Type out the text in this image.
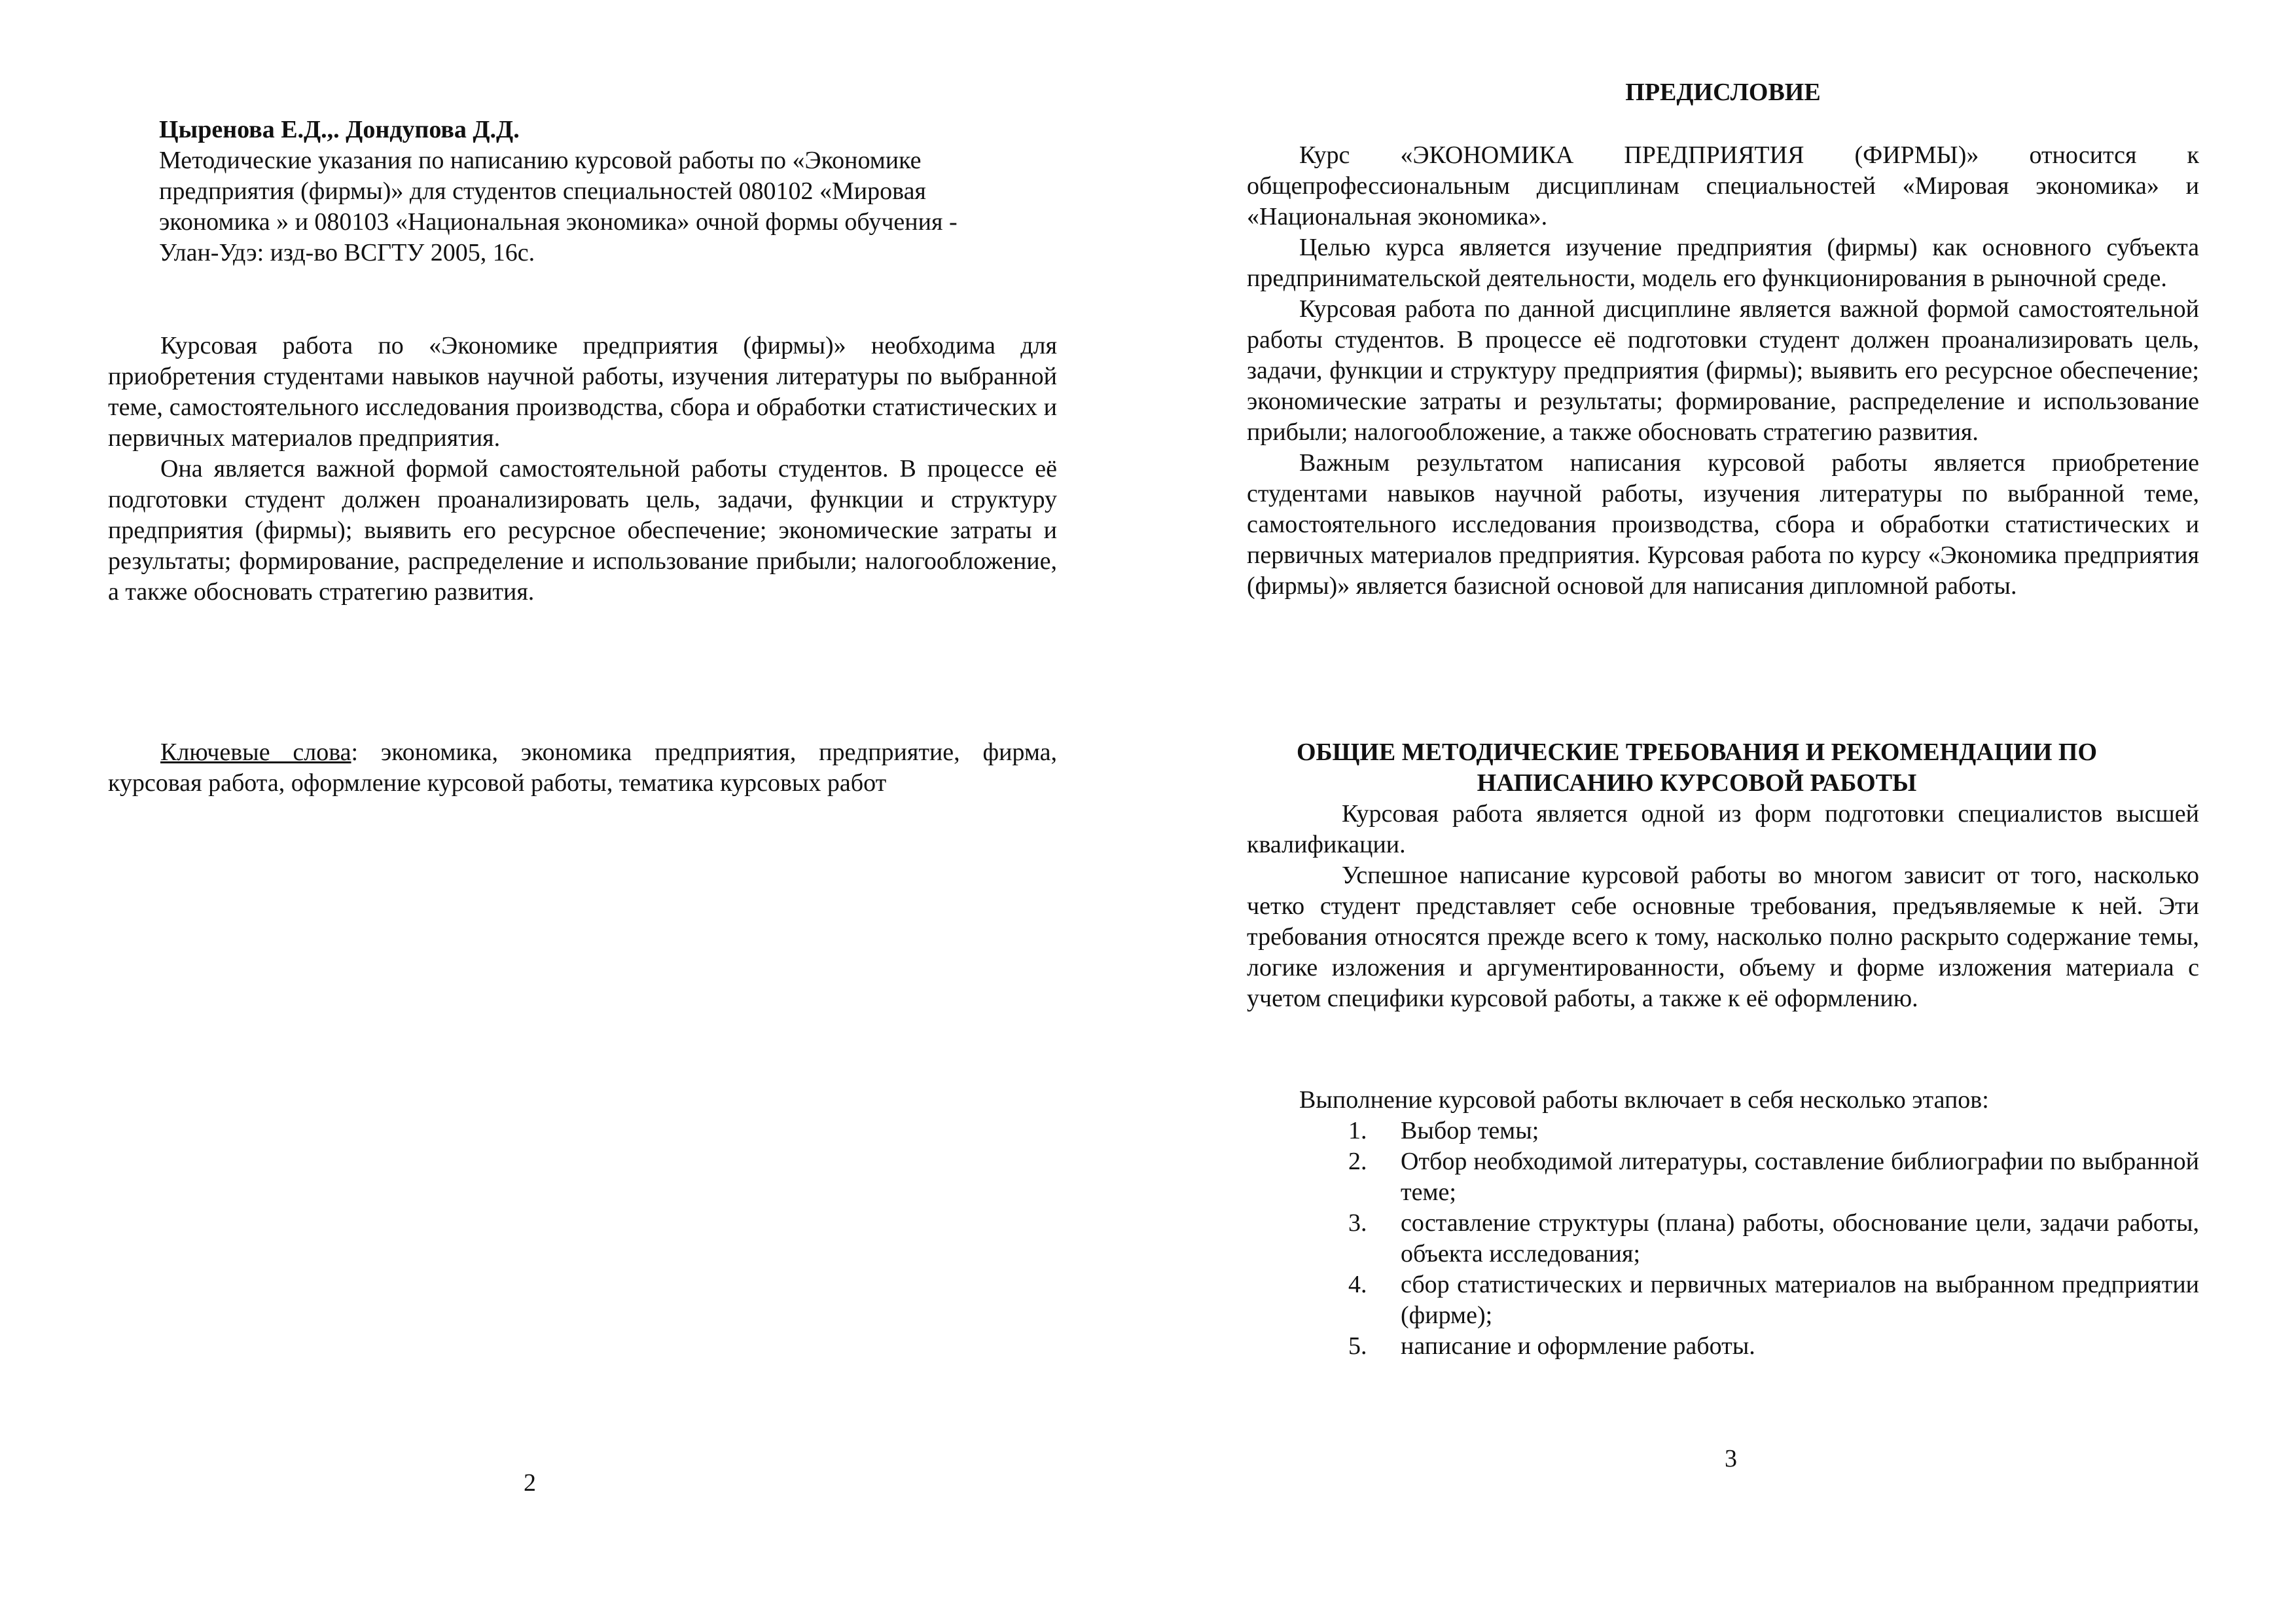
Цыренова Е.Д.,. Дондупова Д.Д.

Методические указания по написанию курсовой работы по «Экономике

предприятия (фирмы)» для студентов специальностей 080102 «Мировая

экономика » и 080103 «Национальная экономика» очной формы обучения -

Улан-Удэ: изд-во ВСГТУ 2005, 16с.

Курсовая работа по «Экономике предприятия (фирмы)» необходима для приобретения студентами навыков научной работы, изучения литературы по выбранной теме, самостоятельного исследования производства, сбора и обработки статистических и первичных материалов предприятия.

Она является важной формой самостоятельной работы студентов. В процессе её подготовки студент должен проанализировать цель, задачи, функции и структуру предприятия (фирмы); выявить его ресурсное обеспечение; экономические затраты и результаты; формирование, распределение и использование прибыли; налогообложение, а также обосновать стратегию развития.

Ключевые слова: экономика, экономика предприятия, предприятие, фирма, курсовая работа, оформление курсовой работы, тематика курсовых работ

2

ПРЕДИСЛОВИЕ

Курс «ЭКОНОМИКА ПРЕДПРИЯТИЯ (ФИРМЫ)» относится к общепрофессиональным дисциплинам специальностей «Мировая экономика» и «Национальная экономика».

Целью курса является изучение предприятия (фирмы) как основного субъекта предпринимательской деятельности, модель его функционирования в рыночной среде.

Курсовая работа по данной дисциплине является важной формой самостоятельной работы студентов. В процессе её подготовки студент должен проанализировать цель, задачи, функции и структуру предприятия (фирмы); выявить его ресурсное обеспечение; экономические затраты и результаты; формирование, распределение и использование прибыли; налогообложение, а также обосновать стратегию развития.

Важным результатом написания курсовой работы является приобретение студентами навыков научной работы, изучения литературы по выбранной теме, самостоятельного исследования производства, сбора и обработки статистических и первичных материалов предприятия. Курсовая работа по курсу «Экономика предприятия (фирмы)» является базисной основой для написания дипломной работы.

ОБЩИЕ МЕТОДИЧЕСКИЕ ТРЕБОВАНИЯ И РЕКОМЕНДАЦИИ ПО

НАПИСАНИЮ КУРСОВОЙ РАБОТЫ

Курсовая работа является одной из форм подготовки специалистов высшей квалификации.

Успешное написание курсовой работы во многом зависит от того, насколько четко студент представляет себе основные требования, предъявляемые к ней. Эти требования относятся прежде всего к тому, насколько полно раскрыто содержание темы, логике изложения и аргументированности, объему и форме изложения материала с учетом специфики курсовой работы, а также к её оформлению.

Выполнение курсовой работы включает в себя несколько этапов:

1. Выбор темы;
2. Отбор необходимой литературы, составление библиографии по выбранной теме;
3. составление структуры (плана) работы, обоснование цели, задачи работы, объекта исследования;
4. сбор статистических и первичных материалов на выбранном предприятии (фирме);
5. написание и оформление работы.
3
